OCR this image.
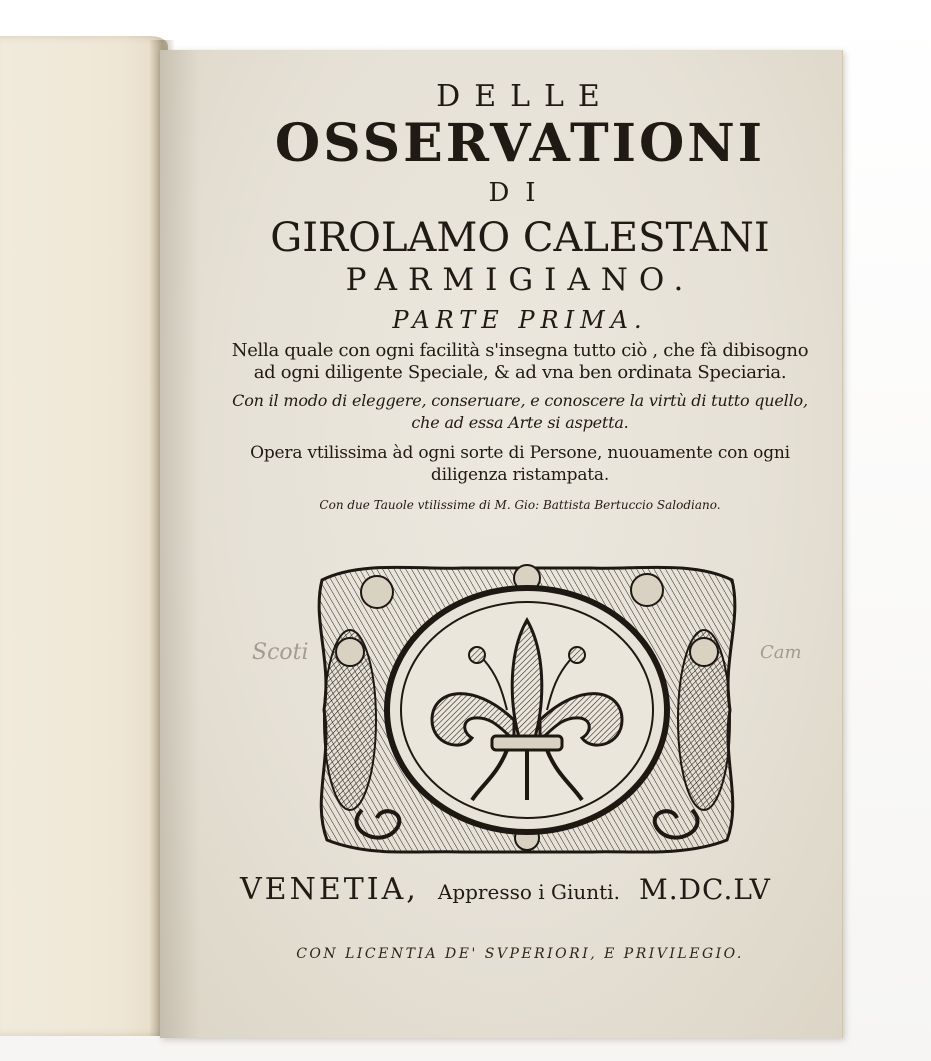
DELLE
OSSERVATIONI
DI
GIROLAMO CALESTANI
PARMIGIANO.
PARTE PRIMA.
Nella quale con ogni facilità s'insegna tutto ciò , che fà dibisogno
ad ogni diligente Speciale, & ad vna ben ordinata Speciaria.
Con il modo di eleggere, conseruare, e conoscere la virtù di tutto quello,
che ad essa Arte si aspetta.
Opera vtilissima àd ogni sorte di Persone, nuouamente con ogni
diligenza ristampata.
Con due Tauole vtilissime di M. Gio: Battista Bertuccio Salodiano.
Scoti	Cam
VENETIA, Appresso i Giunti. M.DC.LV
CON LICENTIA DE' SVPERIORI, E PRIVILEGIO.
